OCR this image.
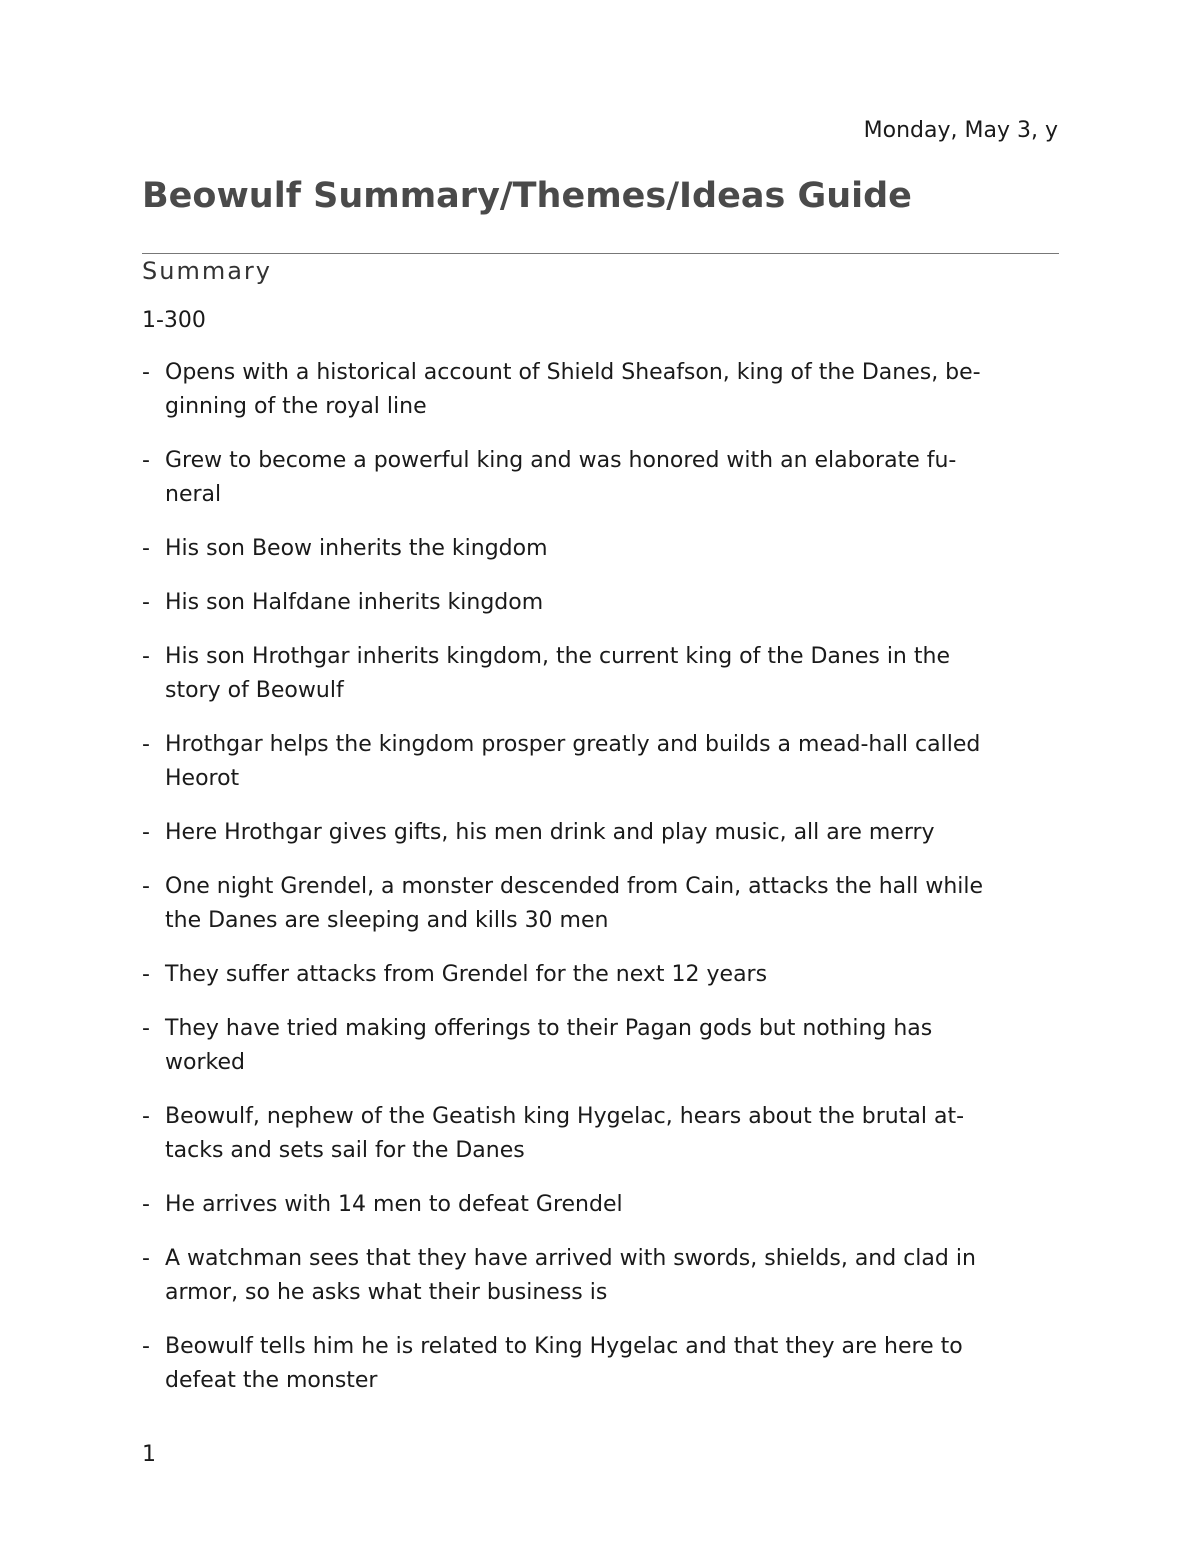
Monday, May 3, y
Beowulf Summary/Themes/Ideas Guide
Summary
1-300
- Opens with a historical account of Shield Sheafson, king of the Danes, be-
ginning of the royal line
- Grew to become a powerful king and was honored with an elaborate fu-
neral
- His son Beow inherits the kingdom
- His son Halfdane inherits kingdom
- His son Hrothgar inherits kingdom, the current king of the Danes in the
story of Beowulf
- Hrothgar helps the kingdom prosper greatly and builds a mead-hall called
Heorot
- Here Hrothgar gives gifts, his men drink and play music, all are merry
- One night Grendel, a monster descended from Cain, attacks the hall while
the Danes are sleeping and kills 30 men
- They suffer attacks from Grendel for the next 12 years
- They have tried making offerings to their Pagan gods but nothing has
worked
- Beowulf, nephew of the Geatish king Hygelac, hears about the brutal at-
tacks and sets sail for the Danes
- He arrives with 14 men to defeat Grendel
- A watchman sees that they have arrived with swords, shields, and clad in
armor, so he asks what their business is
- Beowulf tells him he is related to King Hygelac and that they are here to
defeat the monster
1
